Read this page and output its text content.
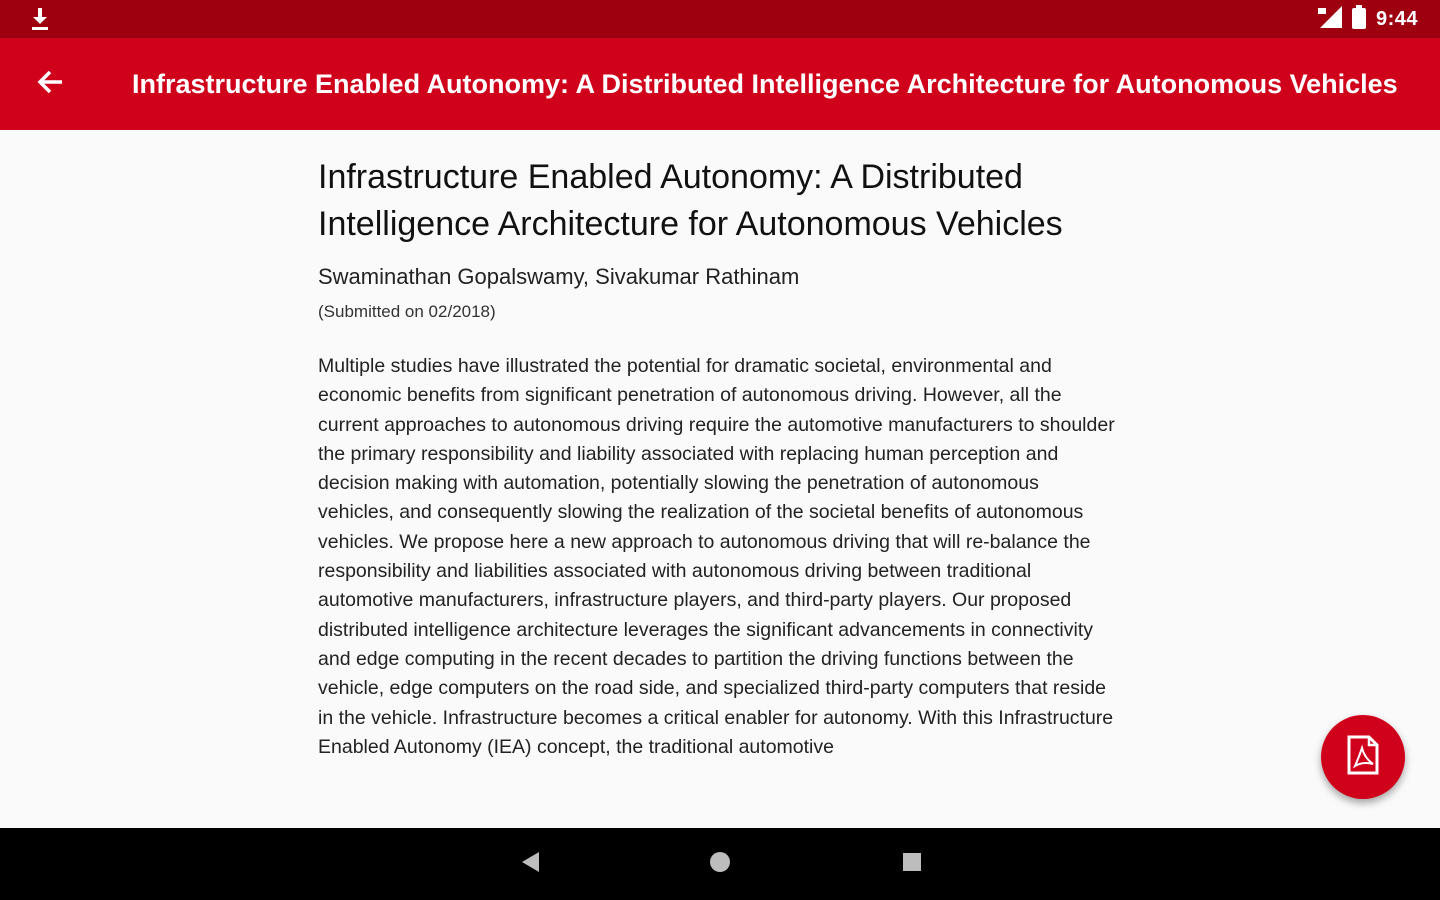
9:44
Infrastructure Enabled Autonomy: A Distributed Intelligence Architecture for Autonomous Vehicles
Infrastructure Enabled Autonomy: A Distributed Intelligence Architecture for Autonomous Vehicles
Swaminathan Gopalswamy, Sivakumar Rathinam
(Submitted on 02/2018)

Multiple studies have illustrated the potential for dramatic societal, environmental and economic benefits from significant penetration of autonomous driving. However, all the current approaches to autonomous driving require the automotive manufacturers to shoulder the primary responsibility and liability associated with replacing human perception and decision making with automation, potentially slowing the penetration of autonomous vehicles, and consequently slowing the realization of the societal benefits of autonomous vehicles. We propose here a new approach to autonomous driving that will re-balance the responsibility and liabilities associated with autonomous driving between traditional automotive manufacturers, infrastructure players, and third-party players. Our proposed distributed intelligence architecture leverages the significant advancements in connectivity and edge computing in the recent decades to partition the driving functions between the vehicle, edge computers on the road side, and specialized third-party computers that reside in the vehicle. Infrastructure becomes a critical enabler for autonomy. With this Infrastructure Enabled Autonomy (IEA) concept, the traditional automotive
